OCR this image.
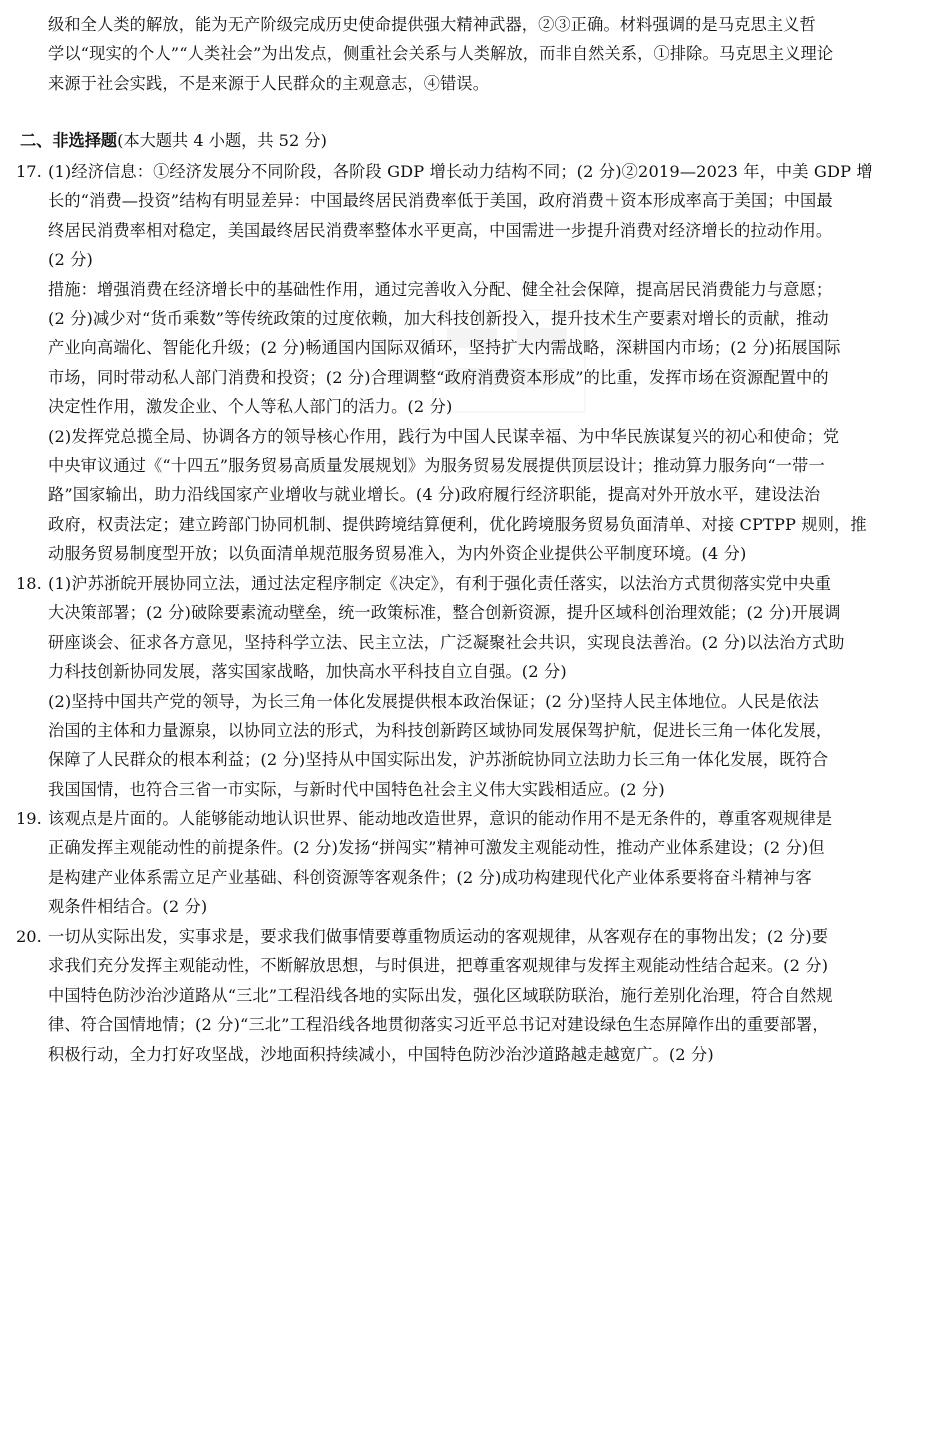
级和全人类的解放，能为无产阶级完成历史使命提供强大精神武器，②③正确。材料强调的是马克思主义哲

学以“现实的个人”“人类社会”为出发点，侧重社会关系与人类解放，而非自然关系，①排除。马克思主义理论

来源于社会实践，不是来源于人民群众的主观意志，④错误。

二、非选择题(本大题共 4 小题，共 52 分)
17. (1)经济信息：①经济发展分不同阶段，各阶段 GDP 增长动力结构不同；(2 分)②2019—2023 年，中美 GDP 增

长的“消费—投资”结构有明显差异：中国最终居民消费率低于美国，政府消费＋资本形成率高于美国；中国最

终居民消费率相对稳定，美国最终居民消费率整体水平更高，中国需进一步提升消费对经济增长的拉动作用。

(2 分)

措施：增强消费在经济增长中的基础性作用，通过完善收入分配、健全社会保障，提高居民消费能力与意愿；

(2 分)减少对“货币乘数”等传统政策的过度依赖，加大科技创新投入，提升技术生产要素对增长的贡献，推动

产业向高端化、智能化升级；(2 分)畅通国内国际双循环，坚持扩大内需战略，深耕国内市场；(2 分)拓展国际

市场，同时带动私人部门消费和投资；(2 分)合理调整“政府消费资本形成”的比重，发挥市场在资源配置中的

决定性作用，激发企业、个人等私人部门的活力。(2 分)

(2)发挥党总揽全局、协调各方的领导核心作用，践行为中国人民谋幸福、为中华民族谋复兴的初心和使命；党

中央审议通过《“十四五”服务贸易高质量发展规划》为服务贸易发展提供顶层设计；推动算力服务向“一带一

路”国家输出，助力沿线国家产业增收与就业增长。(4 分)政府履行经济职能，提高对外开放水平，建设法治

政府，权责法定；建立跨部门协同机制、提供跨境结算便利，优化跨境服务贸易负面清单、对接 CPTPP 规则，推

动服务贸易制度型开放；以负面清单规范服务贸易准入，为内外资企业提供公平制度环境。(4 分)

18. (1)沪苏浙皖开展协同立法，通过法定程序制定《决定》，有利于强化责任落实，以法治方式贯彻落实党中央重

大决策部署；(2 分)破除要素流动壁垒，统一政策标准，整合创新资源，提升区域科创治理效能；(2 分)开展调

研座谈会、征求各方意见，坚持科学立法、民主立法，广泛凝聚社会共识，实现良法善治。(2 分)以法治方式助

力科技创新协同发展，落实国家战略，加快高水平科技自立自强。(2 分)

(2)坚持中国共产党的领导，为长三角一体化发展提供根本政治保证；(2 分)坚持人民主体地位。人民是依法

治国的主体和力量源泉，以协同立法的形式，为科技创新跨区域协同发展保驾护航，促进长三角一体化发展，

保障了人民群众的根本利益；(2 分)坚持从中国实际出发，沪苏浙皖协同立法助力长三角一体化发展，既符合

我国国情，也符合三省一市实际，与新时代中国特色社会主义伟大实践相适应。(2 分)

19. 该观点是片面的。人能够能动地认识世界、能动地改造世界，意识的能动作用不是无条件的，尊重客观规律是

正确发挥主观能动性的前提条件。(2 分)发扬“拼闯实”精神可激发主观能动性，推动产业体系建设；(2 分)但

是构建产业体系需立足产业基础、科创资源等客观条件；(2 分)成功构建现代化产业体系要将奋斗精神与客

观条件相结合。(2 分)

20. 一切从实际出发，实事求是，要求我们做事情要尊重物质运动的客观规律，从客观存在的事物出发；(2 分)要

求我们充分发挥主观能动性，不断解放思想，与时俱进，把尊重客观规律与发挥主观能动性结合起来。(2 分)

中国特色防沙治沙道路从“三北”工程沿线各地的实际出发，强化区域联防联治，施行差别化治理，符合自然规

律、符合国情地情；(2 分)“三北”工程沿线各地贯彻落实习近平总书记对建设绿色生态屏障作出的重要部署，

积极行动，全力打好攻坚战，沙地面积持续减小，中国特色防沙治沙道路越走越宽广。(2 分)
